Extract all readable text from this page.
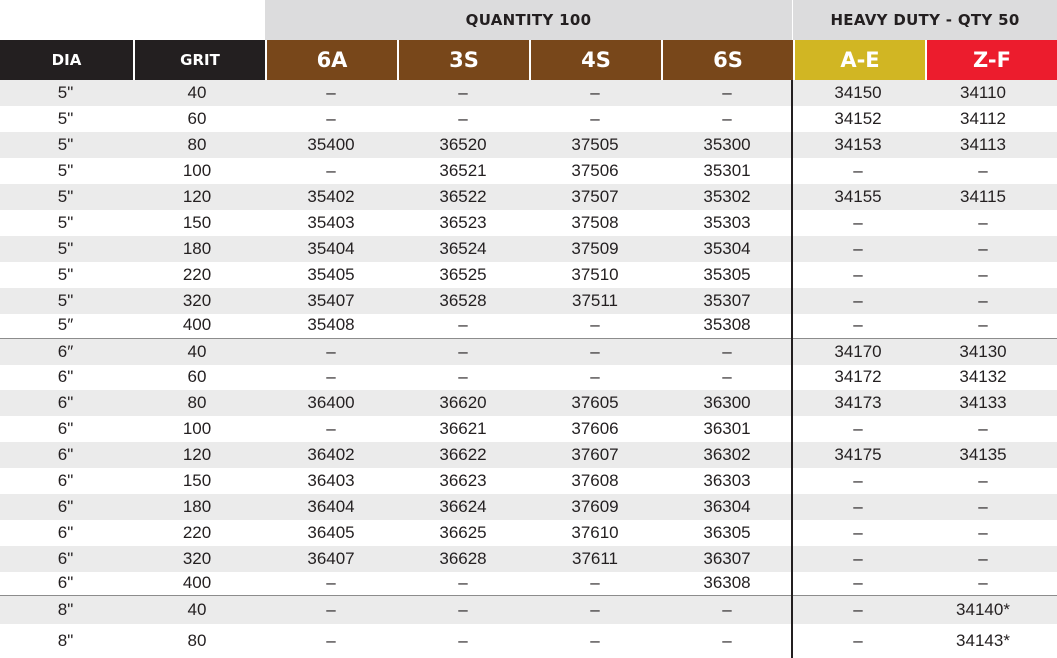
QUANTITY 100	HEAVY DUTY - QTY 50
DIA	GRIT	6A	3S	4S	6S	A-E	Z-F
5"	40	–	–	–	–	34150	34110
5"	60	–	–	–	–	34152	34112
5"	80	35400	36520	37505	35300	34153	34113
5"	100	–	36521	37506	35301	–	–
5"	120	35402	36522	37507	35302	34155	34115
5"	150	35403	36523	37508	35303	–	–
5"	180	35404	36524	37509	35304	–	–
5"	220	35405	36525	37510	35305	–	–
5"	320	35407	36528	37511	35307	–	–
5″	400	35408	–	–	35308	–	–
6″	40	–	–	–	–	34170	34130
6"	60	–	–	–	–	34172	34132
6"	80	36400	36620	37605	36300	34173	34133
6"	100	–	36621	37606	36301	–	–
6"	120	36402	36622	37607	36302	34175	34135
6"	150	36403	36623	37608	36303	–	–
6"	180	36404	36624	37609	36304	–	–
6"	220	36405	36625	37610	36305	–	–
6"	320	36407	36628	37611	36307	–	–
6"	400	–	–	–	36308	–	–
8"	40	–	–	–	–	–	34140*
8"	80	–	–	–	–	–	34143*
